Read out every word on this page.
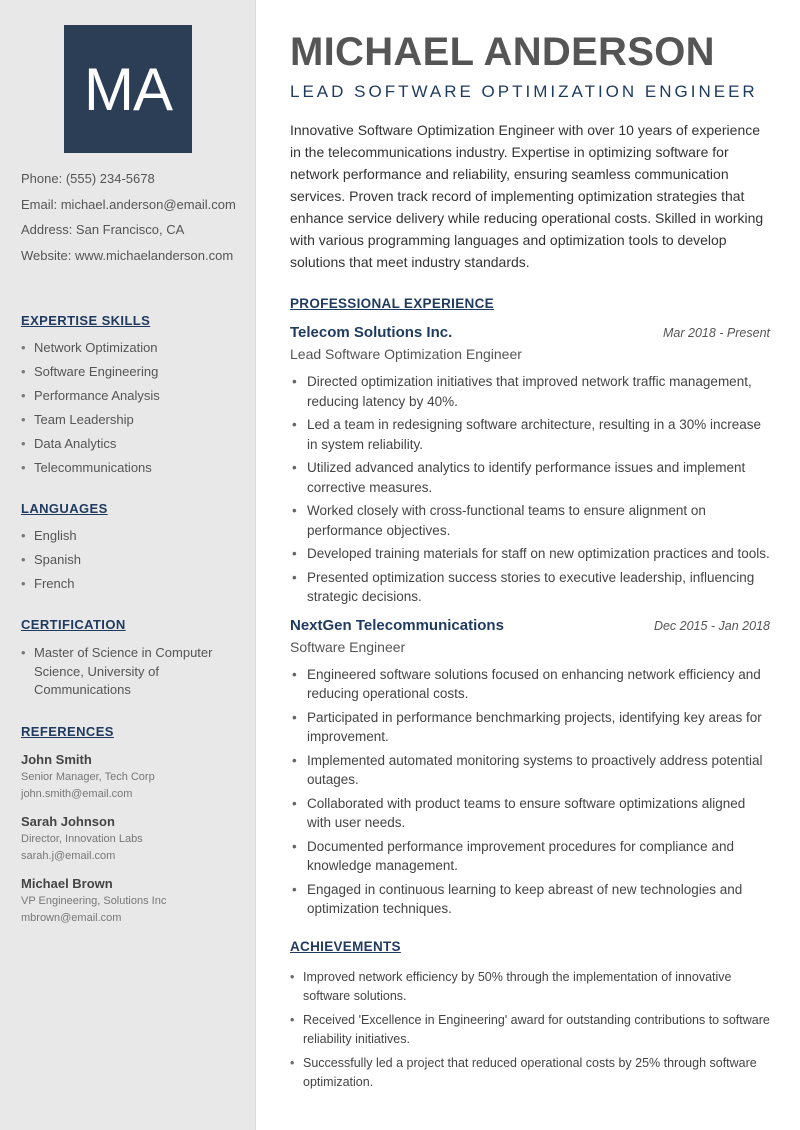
MA
Phone: (555) 234-5678
Email: michael.anderson@email.com
Address: San Francisco, CA
Website: www.michaelanderson.com
EXPERTISE SKILLS
• Network Optimization
• Software Engineering
• Performance Analysis
• Team Leadership
• Data Analytics
• Telecommunications
LANGUAGES
• English
• Spanish
• French
CERTIFICATION
• Master of Science in Computer Science, University of Communications
REFERENCES
John Smith
Senior Manager, Tech Corp
john.smith@email.com
Sarah Johnson
Director, Innovation Labs
sarah.j@email.com
Michael Brown
VP Engineering, Solutions Inc
mbrown@email.com
MICHAEL ANDERSON
LEAD SOFTWARE OPTIMIZATION ENGINEER

Innovative Software Optimization Engineer with over 10 years of experience in the telecommunications industry. Expertise in optimizing software for network performance and reliability, ensuring seamless communication services. Proven track record of implementing optimization strategies that enhance service delivery while reducing operational costs. Skilled in working with various programming languages and optimization tools to develop solutions that meet industry standards.

PROFESSIONAL EXPERIENCE
Telecom Solutions Inc.	Mar 2018 - Present
Lead Software Optimization Engineer
• Directed optimization initiatives that improved network traffic management, reducing latency by 40%.
• Led a team in redesigning software architecture, resulting in a 30% increase in system reliability.
• Utilized advanced analytics to identify performance issues and implement corrective measures.
• Worked closely with cross-functional teams to ensure alignment on performance objectives.
• Developed training materials for staff on new optimization practices and tools.
• Presented optimization success stories to executive leadership, influencing strategic decisions.
NextGen Telecommunications	Dec 2015 - Jan 2018
Software Engineer
• Engineered software solutions focused on enhancing network efficiency and reducing operational costs.
• Participated in performance benchmarking projects, identifying key areas for improvement.
• Implemented automated monitoring systems to proactively address potential outages.
• Collaborated with product teams to ensure software optimizations aligned with user needs.
• Documented performance improvement procedures for compliance and knowledge management.
• Engaged in continuous learning to keep abreast of new technologies and optimization techniques.
ACHIEVEMENTS
• Improved network efficiency by 50% through the implementation of innovative software solutions.
• Received 'Excellence in Engineering' award for outstanding contributions to software reliability initiatives.
• Successfully led a project that reduced operational costs by 25% through software optimization.
